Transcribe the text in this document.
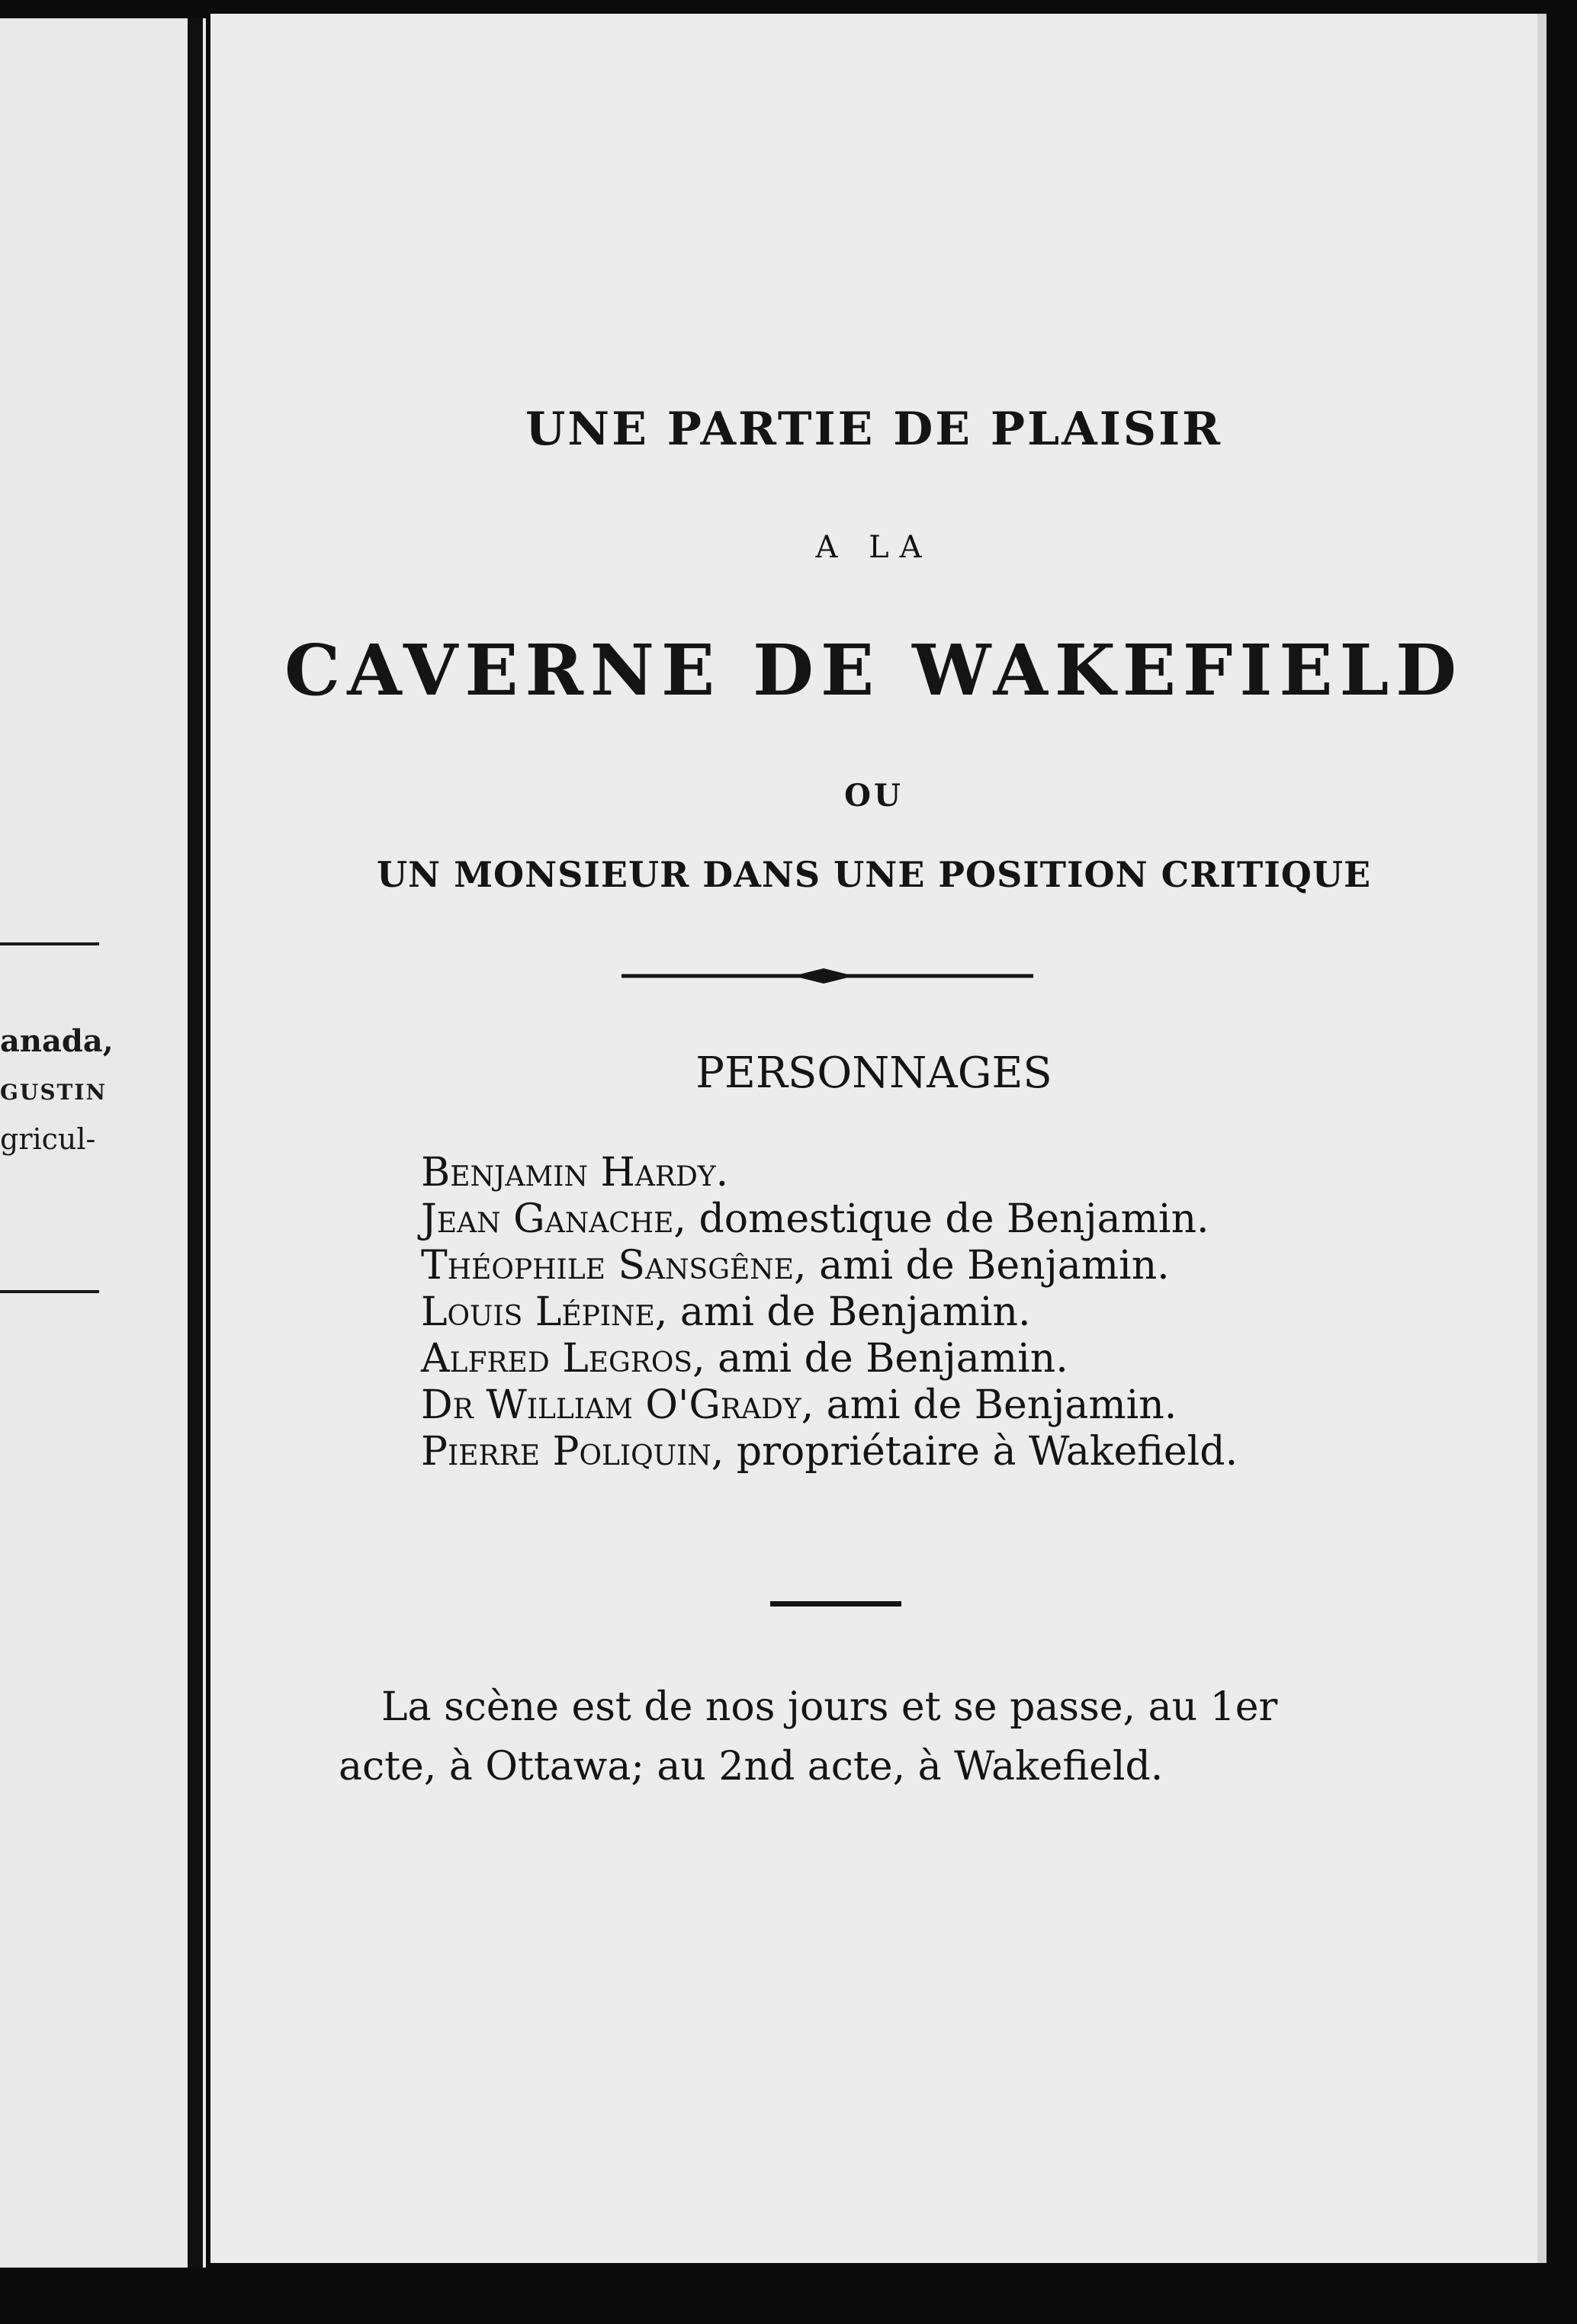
anada,
GUSTIN
gricul-
UNE PARTIE DE PLAISIR
A LA
CAVERNE DE WAKEFIELD
OU
UN MONSIEUR DANS UNE POSITION CRITIQUE
PERSONNAGES
Benjamin Hardy.
Jean Ganache, domestique de Benjamin.
Théophile Sansgêne, ami de Benjamin.
Louis Lépine, ami de Benjamin.
Alfred Legros, ami de Benjamin.
Dr William O'Grady, ami de Benjamin.
Pierre Poliquin, propriétaire à Wakefield.

La scène est de nos jours et se passe, au 1er

acte, à Ottawa; au 2nd acte, à Wakefield.
